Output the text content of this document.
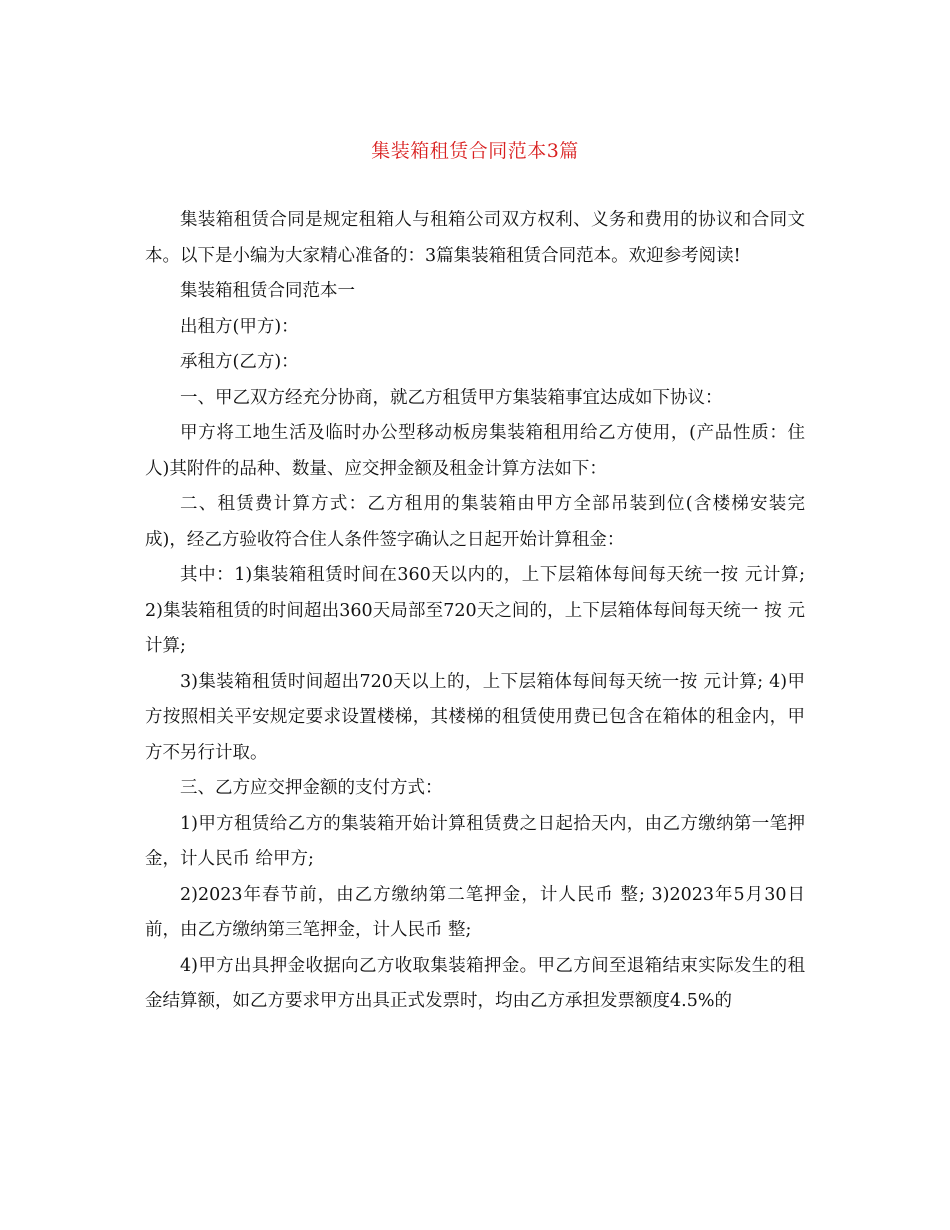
集装箱租赁合同范本3篇

集装箱租赁合同是规定租箱人与租箱公司双方权利、义务和费用的协议和合同文本。以下是小编为大家精心准备的：3篇集装箱租赁合同范本。欢迎参考阅读!

集装箱租赁合同范本一

出租方(甲方)：

承租方(乙方)：

一、甲乙双方经充分协商，就乙方租赁甲方集装箱事宜达成如下协议：

甲方将工地生活及临时办公型移动板房集装箱租用给乙方使用，(产品性质：住人)其附件的品种、数量、应交押金额及租金计算方法如下：

二、租赁费计算方式：乙方租用的集装箱由甲方全部吊装到位(含楼梯安装完成)，经乙方验收符合住人条件签字确认之日起开始计算租金：

其中：1)集装箱租赁时间在360天以内的，上下层箱体每间每天统一按 元计算; 2)集装箱租赁的时间超出360天局部至720天之间的，上下层箱体每间每天统一 按 元计算;

3)集装箱租赁时间超出720天以上的，上下层箱体每间每天统一按 元计算; 4)甲方按照相关平安规定要求设置楼梯，其楼梯的租赁使用费已包含在箱体的租金内，甲方不另行计取。

三、乙方应交押金额的支付方式：

1)甲方租赁给乙方的集装箱开始计算租赁费之日起拾天内，由乙方缴纳第一笔押金，计人民币 给甲方;

2)2023年春节前，由乙方缴纳第二笔押金，计人民币 整; 3)2023年5月30日前，由乙方缴纳第三笔押金，计人民币 整;

4)甲方出具押金收据向乙方收取集装箱押金。甲乙方间至退箱结束实际发生的租金结算额，如乙方要求甲方出具正式发票时，均由乙方承担发票额度4.5%的
